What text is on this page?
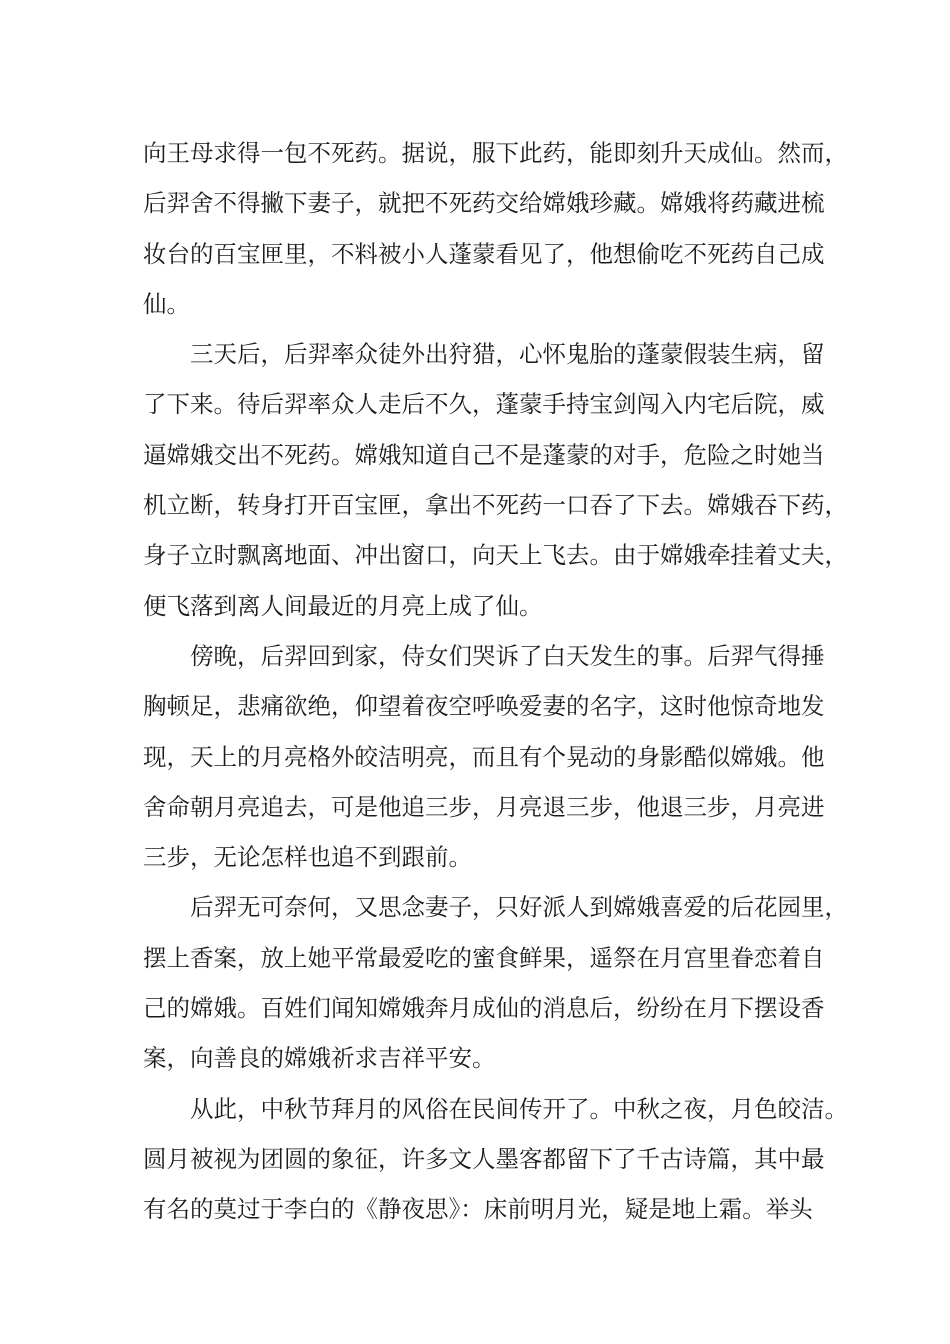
向王母求得一包不死药。据说，服下此药，能即刻升天成仙。然而，
后羿舍不得撇下妻子，就把不死药交给嫦娥珍藏。嫦娥将药藏进梳
妆台的百宝匣里，不料被小人蓬蒙看见了，他想偷吃不死药自己成
仙。
三天后，后羿率众徒外出狩猎，心怀鬼胎的蓬蒙假装生病，留
了下来。待后羿率众人走后不久，蓬蒙手持宝剑闯入内宅后院，威
逼嫦娥交出不死药。嫦娥知道自己不是蓬蒙的对手，危险之时她当
机立断，转身打开百宝匣，拿出不死药一口吞了下去。嫦娥吞下药，
身子立时飘离地面、冲出窗口，向天上飞去。由于嫦娥牵挂着丈夫，
便飞落到离人间最近的月亮上成了仙。
傍晚，后羿回到家，侍女们哭诉了白天发生的事。后羿气得捶
胸顿足，悲痛欲绝，仰望着夜空呼唤爱妻的名字，这时他惊奇地发
现，天上的月亮格外皎洁明亮，而且有个晃动的身影酷似嫦娥。他
舍命朝月亮追去，可是他追三步，月亮退三步，他退三步，月亮进
三步，无论怎样也追不到跟前。
后羿无可奈何，又思念妻子，只好派人到嫦娥喜爱的后花园里，
摆上香案，放上她平常最爱吃的蜜食鲜果，遥祭在月宫里眷恋着自
己的嫦娥。百姓们闻知嫦娥奔月成仙的消息后，纷纷在月下摆设香
案，向善良的嫦娥祈求吉祥平安。
从此，中秋节拜月的风俗在民间传开了。中秋之夜，月色皎洁。
圆月被视为团圆的象征，许多文人墨客都留下了千古诗篇，其中最
有名的莫过于李白的《静夜思》：床前明月光，疑是地上霜。举头
